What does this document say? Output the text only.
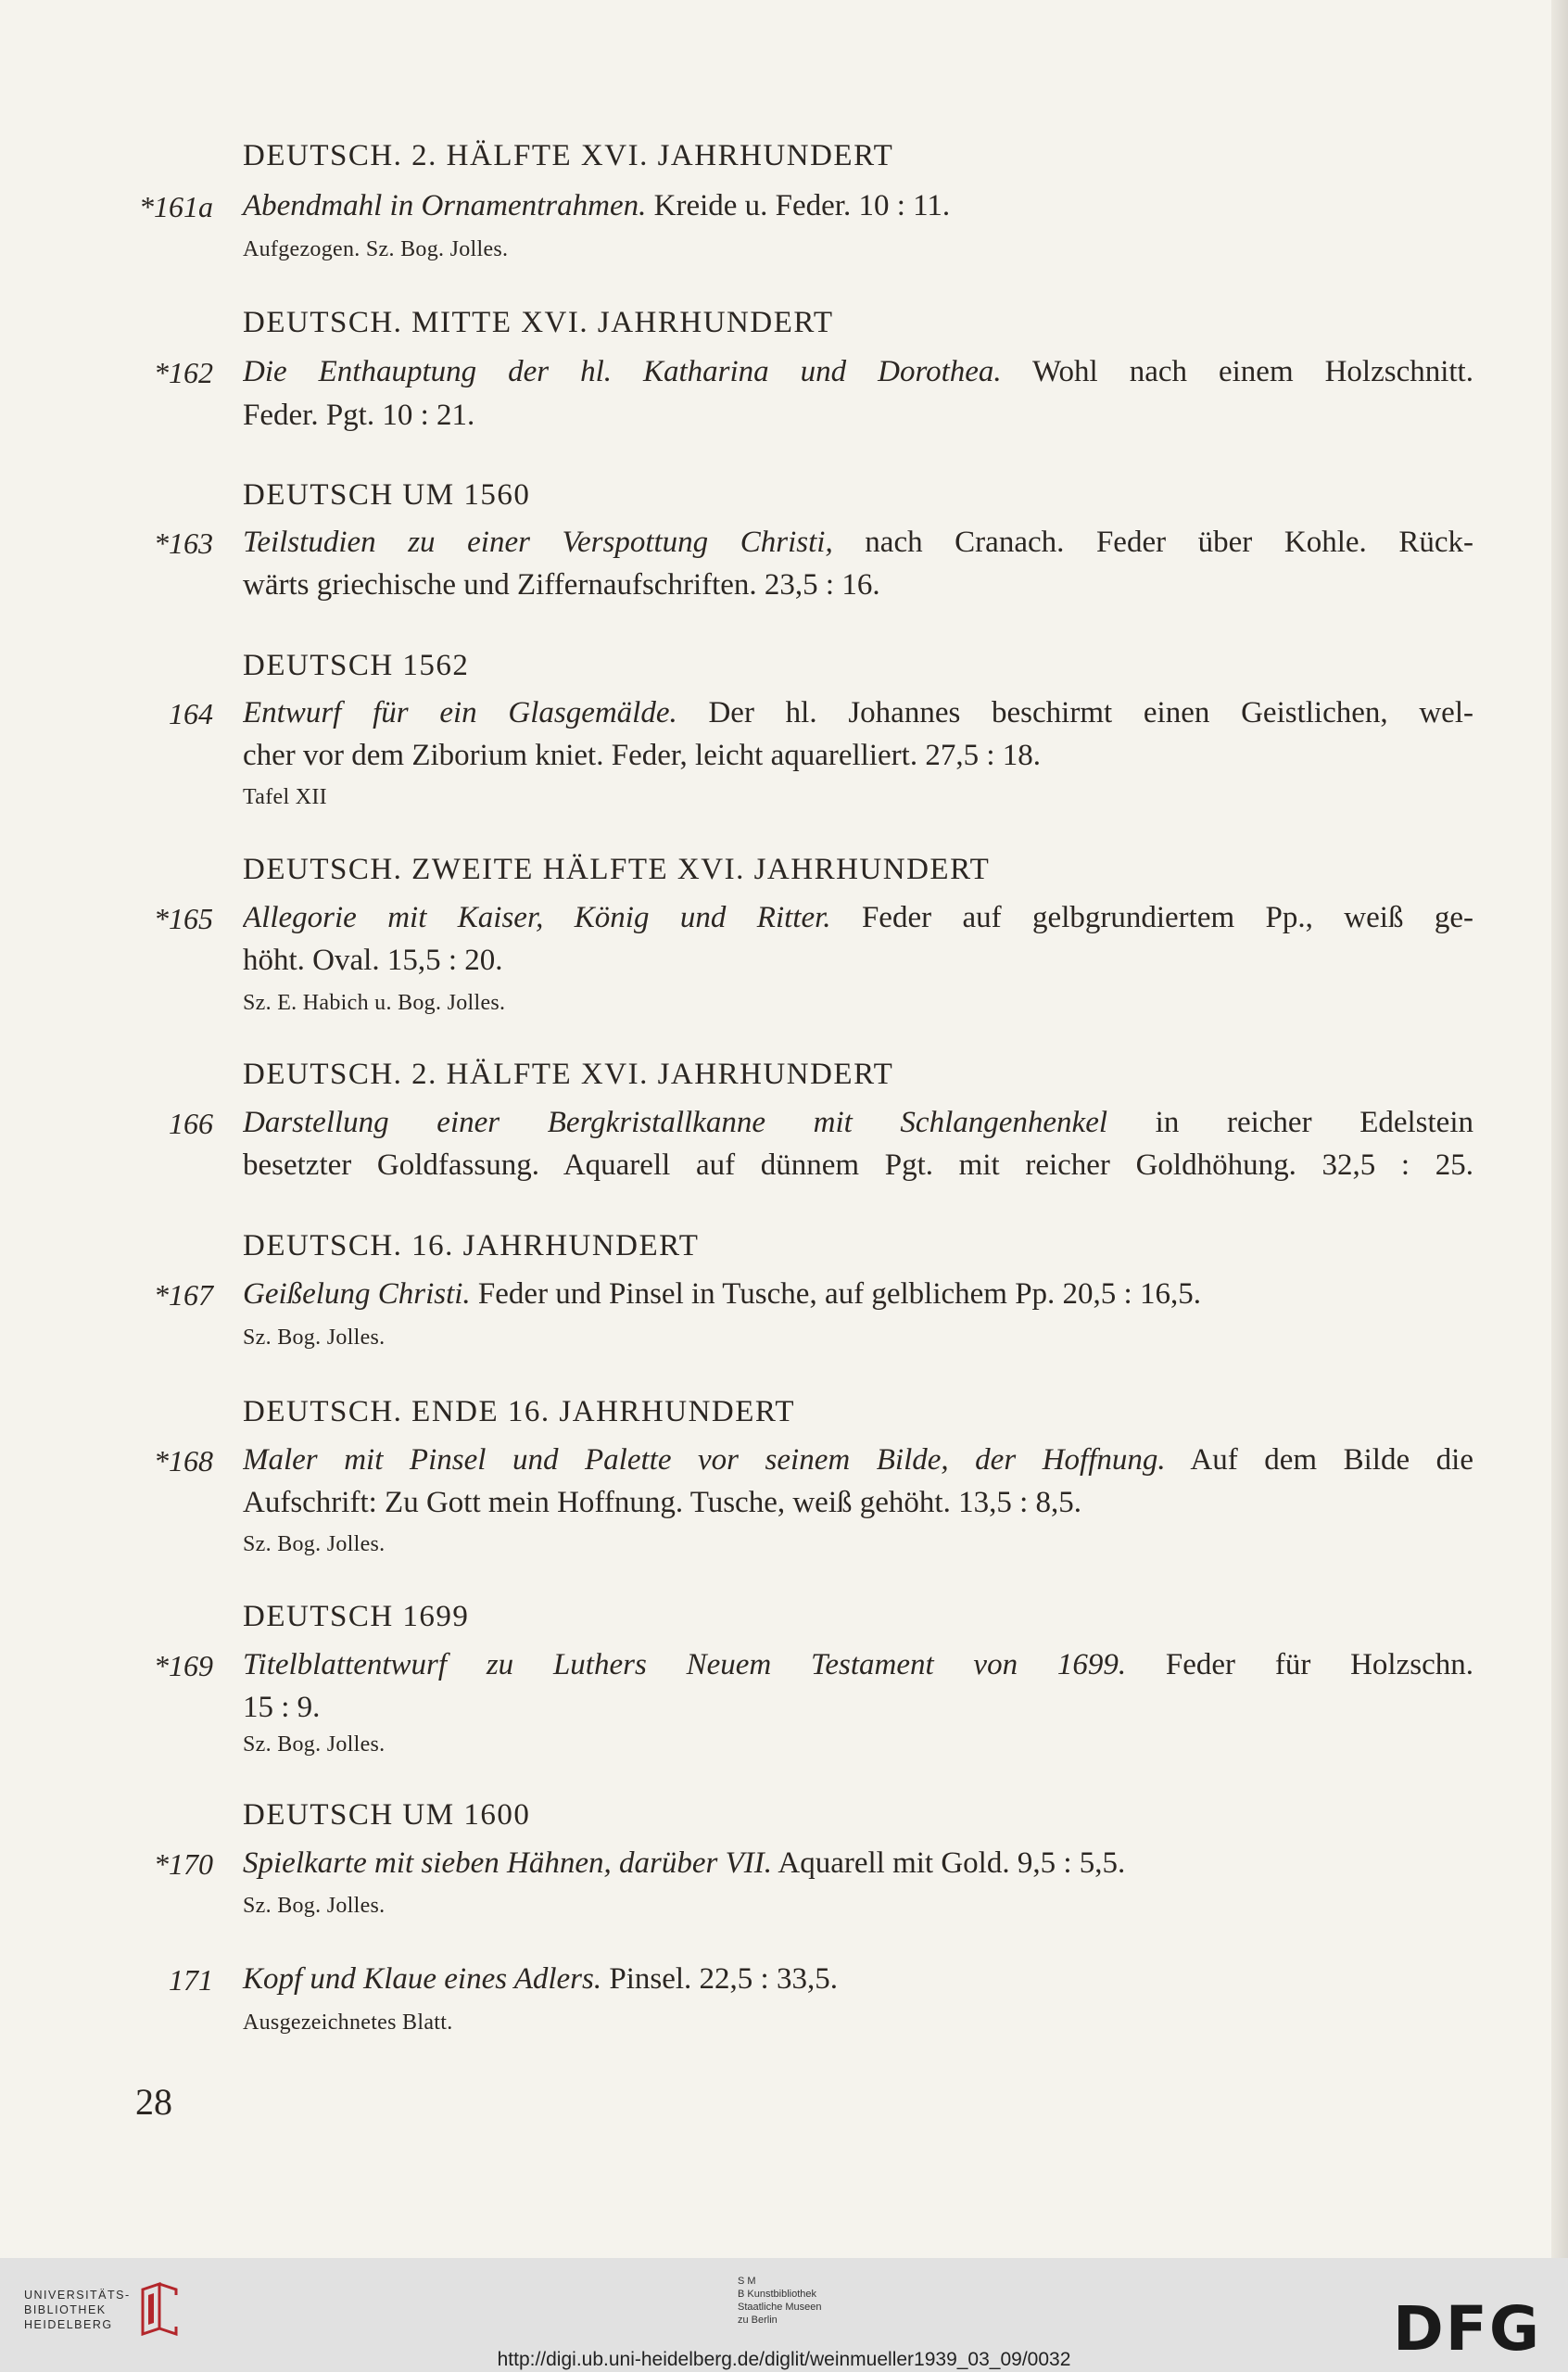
DEUTSCH. 2. HÄLFTE XVI. JAHRHUNDERT
*161a Abendmahl in Ornamentrahmen. Kreide u. Feder. 10 : 11.
Aufgezogen. Sz. Bog. Jolles.
DEUTSCH. MITTE XVI. JAHRHUNDERT
*162 Die Enthauptung der hl. Katharina und Dorothea. Wohl nach einem Holzschnitt.
Feder. Pgt. 10 : 21.
DEUTSCH UM 1560
*163 Teilstudien zu einer Verspottung Christi, nach Cranach. Feder über Kohle. Rück-
wärts griechische und Ziffernaufschriften. 23,5 : 16.
DEUTSCH 1562
164 Entwurf für ein Glasgemälde. Der hl. Johannes beschirmt einen Geistlichen, wel-
cher vor dem Ziborium kniet. Feder, leicht aquarelliert. 27,5 : 18.
Tafel XII
DEUTSCH. ZWEITE HÄLFTE XVI. JAHRHUNDERT
*165 Allegorie mit Kaiser, König und Ritter. Feder auf gelbgrundiertem Pp., weiß ge-
höht. Oval. 15,5 : 20.
Sz. E. Habich u. Bog. Jolles.
DEUTSCH. 2. HÄLFTE XVI. JAHRHUNDERT
166 Darstellung einer Bergkristallkanne mit Schlangenhenkel in reicher Edelstein
besetzter Goldfassung. Aquarell auf dünnem Pgt. mit reicher Goldhöhung. 32,5 : 25.
DEUTSCH. 16. JAHRHUNDERT
*167 Geißelung Christi. Feder und Pinsel in Tusche, auf gelblichem Pp. 20,5 : 16,5.
Sz. Bog. Jolles.
DEUTSCH. ENDE 16. JAHRHUNDERT
*168 Maler mit Pinsel und Palette vor seinem Bilde, der Hoffnung. Auf dem Bilde die
Aufschrift: Zu Gott mein Hoffnung. Tusche, weiß gehöht. 13,5 : 8,5.
Sz. Bog. Jolles.
DEUTSCH 1699
*169 Titelblattentwurf zu Luthers Neuem Testament von 1699. Feder für Holzschn.
15 : 9.
Sz. Bog. Jolles.
DEUTSCH UM 1600
*170 Spielkarte mit sieben Hähnen, darüber VII. Aquarell mit Gold. 9,5 : 5,5.
Sz. Bog. Jolles.
171 Kopf und Klaue eines Adlers. Pinsel. 22,5 : 33,5.
Ausgezeichnetes Blatt.
28
UNIVERSITÄTS-
BIBLIOTHEK
HEIDELBERG
S M
B Kunstbibliothek
Staatliche Museen
zu Berlin	DFG
http://digi.ub.uni-heidelberg.de/diglit/weinmueller1939_03_09/0032
